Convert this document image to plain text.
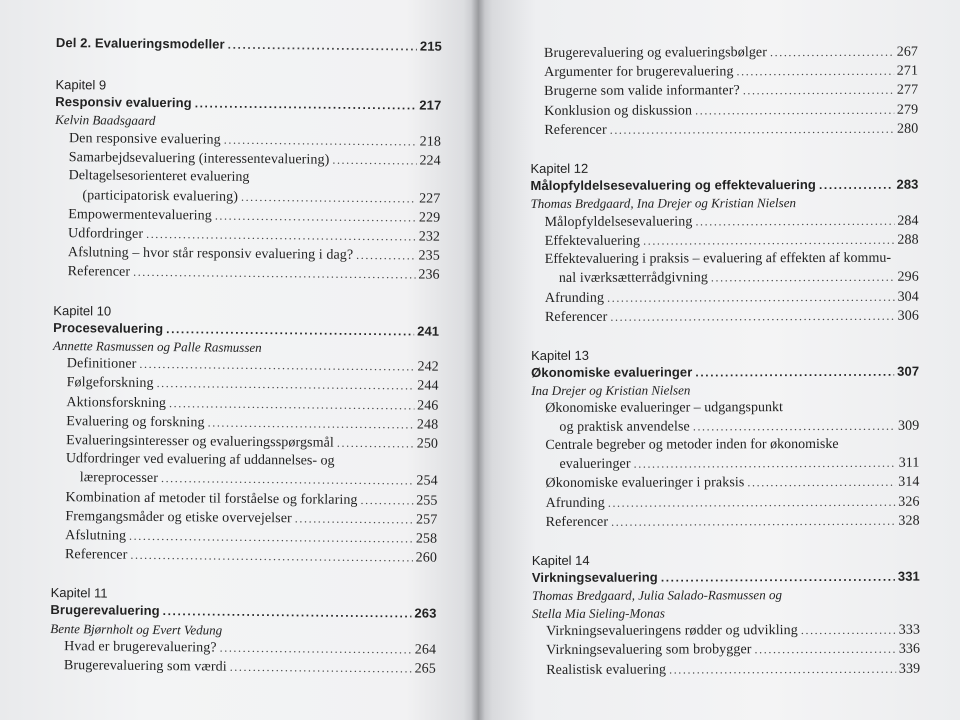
Del 2. Evalueringsmodeller .....	215
Kapitel 9
Responsiv evaluering .....	217
Kelvin Baadsgaard
Den responsive evaluering .....	218
Samarbejdsevaluering (interessentevaluering) .....	224
Deltagelsesorienteret evaluering
(participatorisk evaluering) .....	227
Empowermentevaluering .....	229
Udfordringer .....	232
Afslutning – hvor står responsiv evaluering i dag? .....	235
Referencer .....	236
Kapitel 10
Procesevaluering .....	241
Annette Rasmussen og Palle Rasmussen
Definitioner .....	242
Følgeforskning .....	244
Aktionsforskning .....	246
Evaluering og forskning .....	248
Evalueringsinteresser og evalueringsspørgsmål .....	250
Udfordringer ved evaluering af uddannelses- og
læreprocesser .....	254
Kombination af metoder til forståelse og forklaring .....	255
Fremgangsmåder og etiske overvejelser .....	257
Afslutning .....	258
Referencer .....	260
Kapitel 11
Brugerevaluering .....	263
Bente Bjørnholt og Evert Vedung
Hvad er brugerevaluering? .....	264
Brugerevaluering som værdi .....	265
Brugerevaluering og evalueringsbølger .....	267
Argumenter for brugerevaluering .....	271
Brugerne som valide informanter? .....	277
Konklusion og diskussion .....	279
Referencer .....	280
Kapitel 12
Målopfyldelsesevaluering og effektevaluering .....	283
Thomas Bredgaard, Ina Drejer og Kristian Nielsen
Målopfyldelsesevaluering .....	284
Effektevaluering .....	288
Effektevaluering i praksis – evaluering af effekten af kommu-
nal iværksætterrådgivning .....	296
Afrunding .....	304
Referencer .....	306
Kapitel 13
Økonomiske evalueringer .....	307
Ina Drejer og Kristian Nielsen
Økonomiske evalueringer – udgangspunkt
og praktisk anvendelse .....	309
Centrale begreber og metoder inden for økonomiske
evalueringer .....	311
Økonomiske evalueringer i praksis .....	314
Afrunding .....	326
Referencer .....	328
Kapitel 14
Virkningsevaluering .....	331
Thomas Bredgaard, Julia Salado-Rasmussen og
Stella Mia Sieling-Monas
Virkningsevalueringens rødder og udvikling .....	333
Virkningsevaluering som brobygger .....	336
Realistisk evaluering .....	339
